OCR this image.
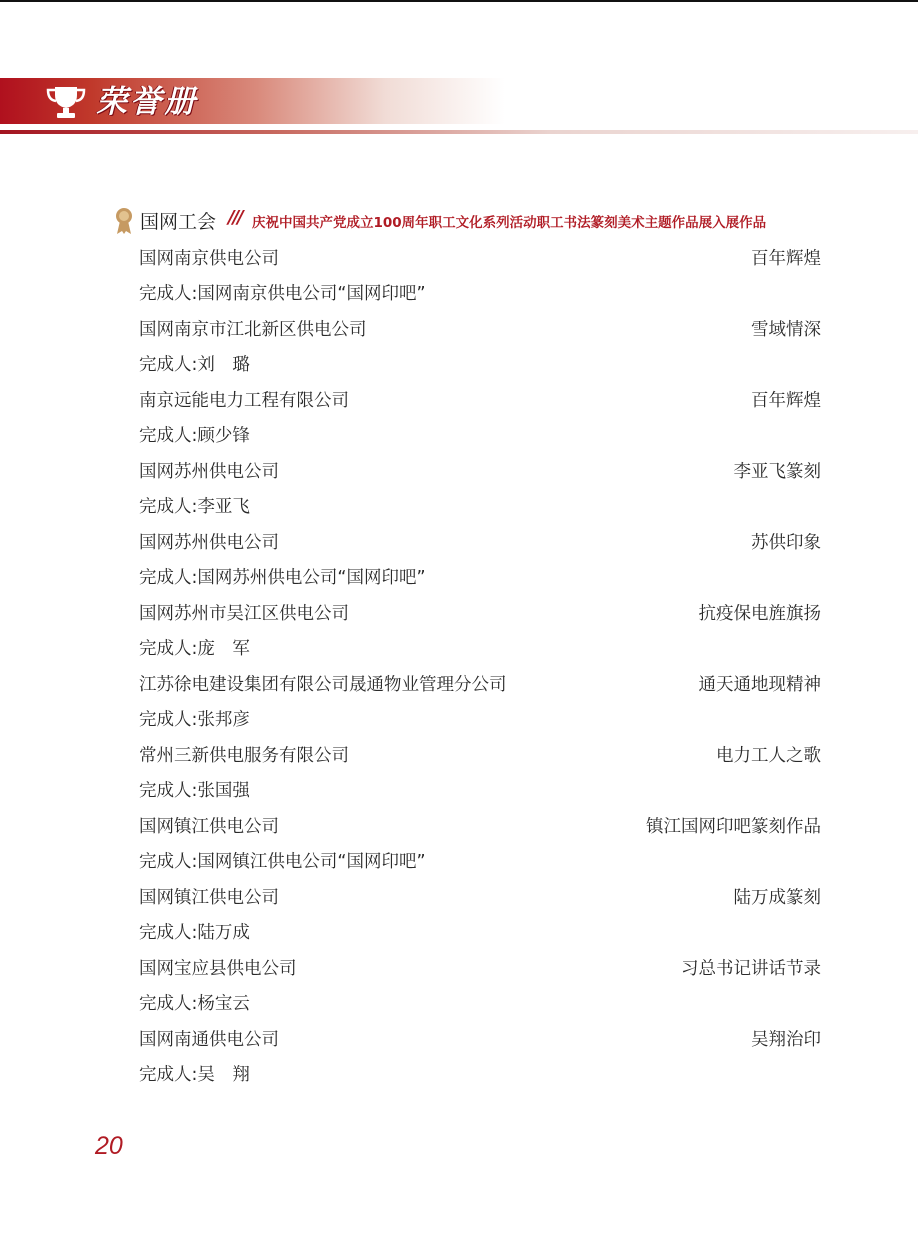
荣誉册
国网工会 /// 庆祝中国共产党成立100周年职工文化系列活动职工书法篆刻美术主题作品展入展作品
国网南京供电公司	百年辉煌
完成人:国网南京供电公司“国网印吧”
国网南京市江北新区供电公司	雪域情深
完成人:刘　璐
南京远能电力工程有限公司	百年辉煌
完成人:顾少锋
国网苏州供电公司	李亚飞篆刻
完成人:李亚飞
国网苏州供电公司	苏供印象
完成人:国网苏州供电公司“国网印吧”
国网苏州市吴江区供电公司	抗疫保电旌旗扬
完成人:庞　军
江苏徐电建设集团有限公司晟通物业管理分公司	通天通地现精神
完成人:张邦彦
常州三新供电服务有限公司	电力工人之歌
完成人:张国强
国网镇江供电公司	镇江国网印吧篆刻作品
完成人:国网镇江供电公司“国网印吧”
国网镇江供电公司	陆万成篆刻
完成人:陆万成
国网宝应县供电公司	习总书记讲话节录
完成人:杨宝云
国网南通供电公司	吴翔治印
完成人:吴　翔
20
